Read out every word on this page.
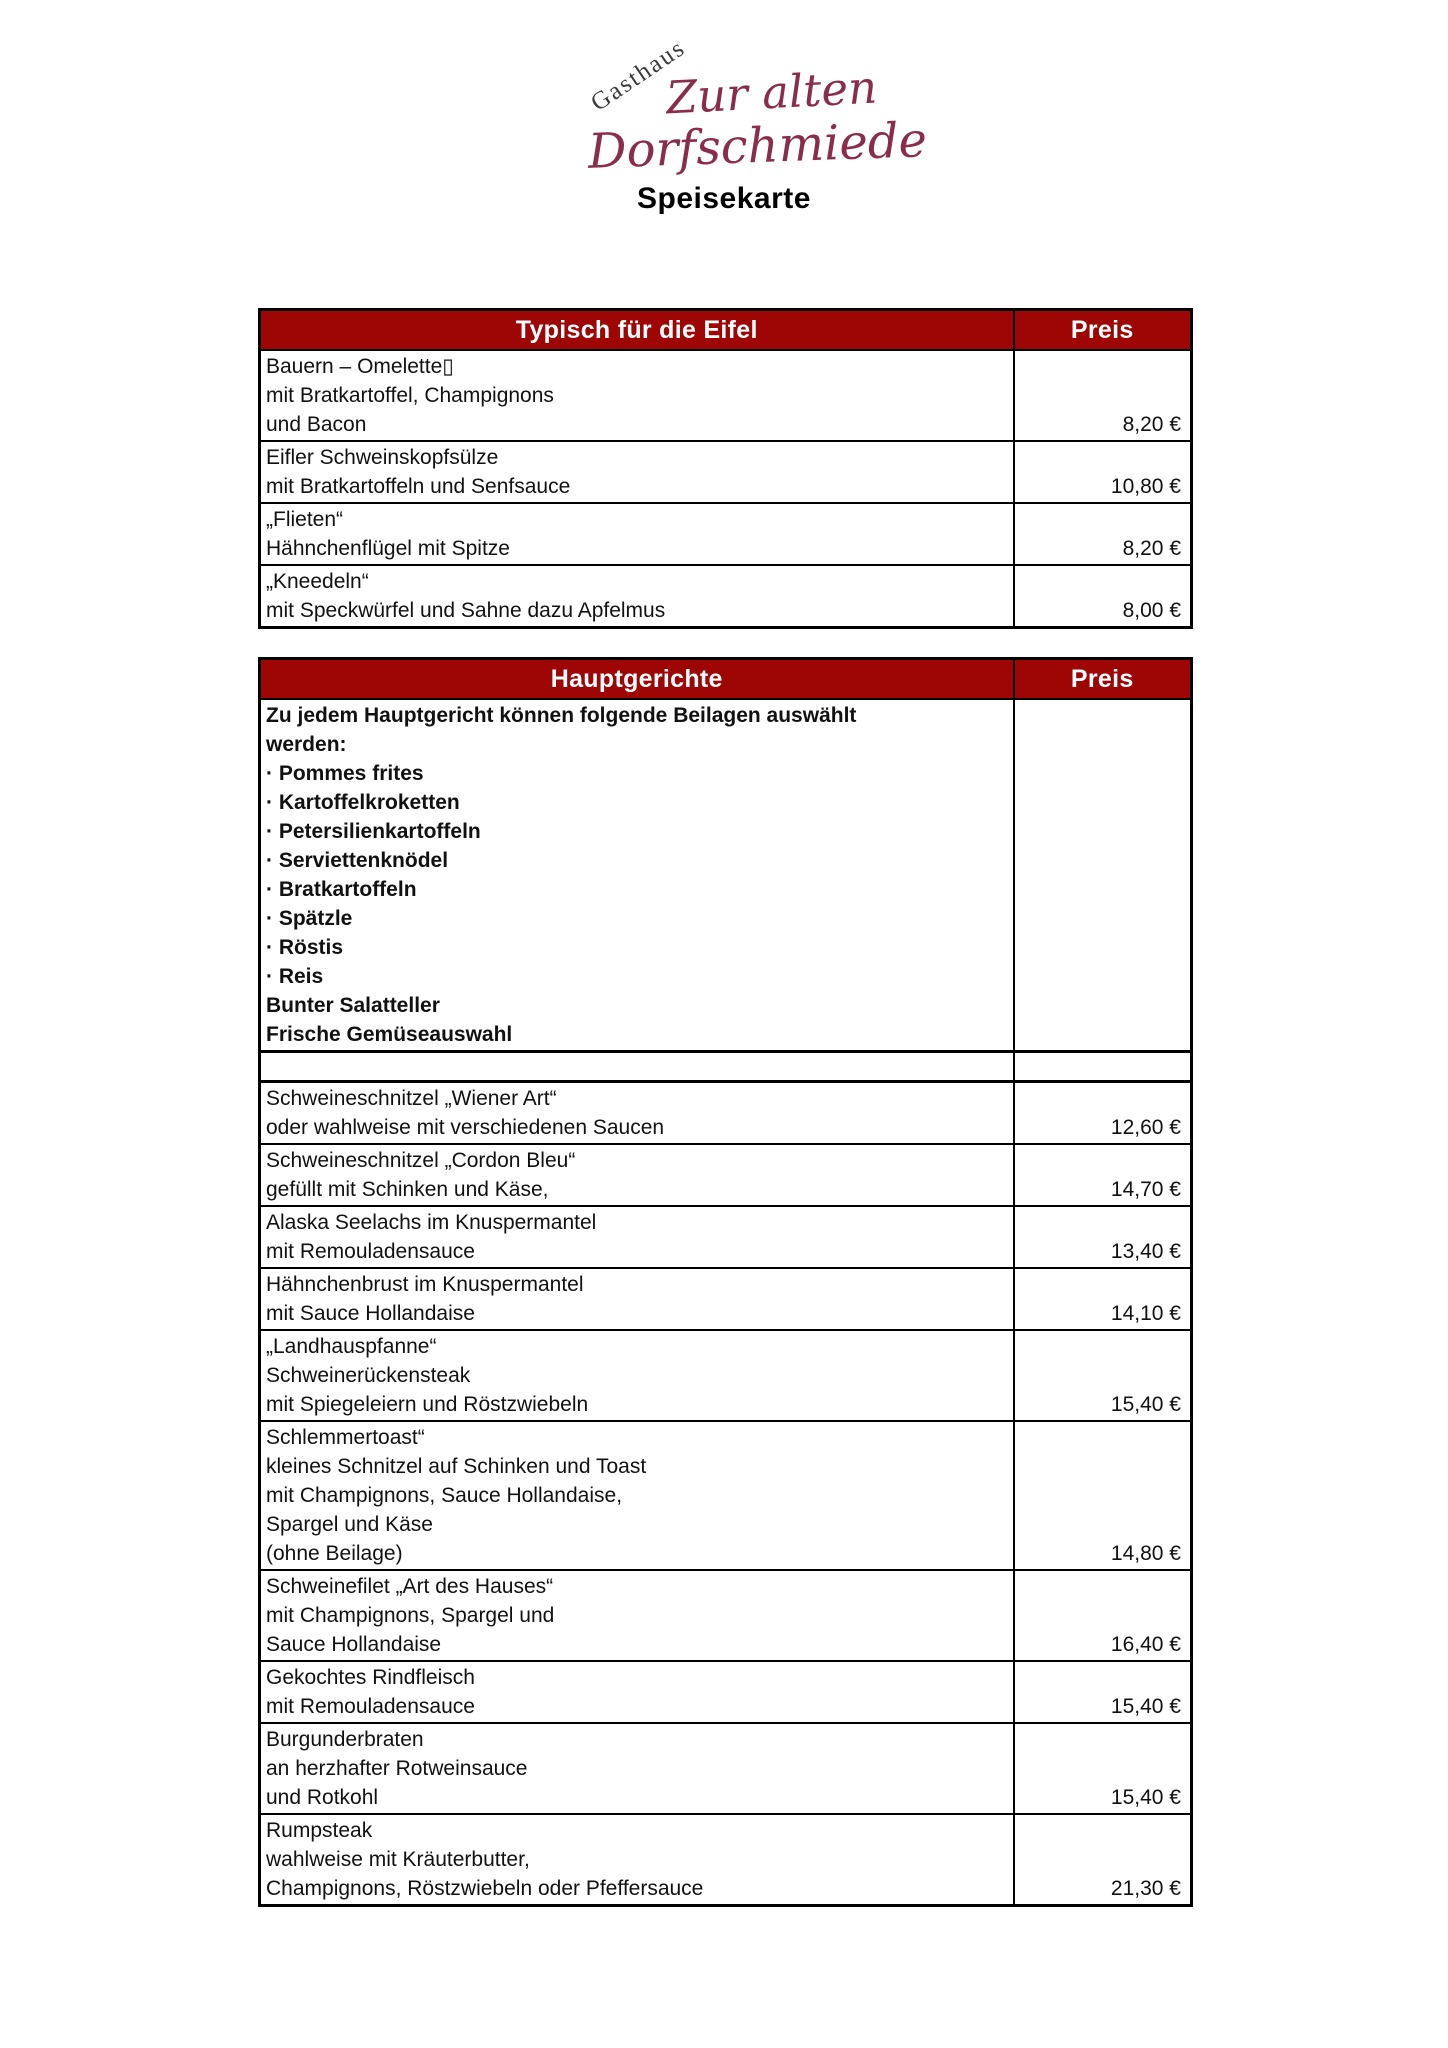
Gasthaus
Zur alten
Dorfschmiede
Speisekarte
Typisch für die Eifel	Preis

Bauern – Omelette▯
mit Bratkartoffel, Champignons
und Bacon	8,20 €

Eifler Schweinskopfsülze
mit Bratkartoffeln und Senfsauce	10,80 €

„Flieten“
Hähnchenflügel mit Spitze	8,20 €

„Kneedeln“
mit Speckwürfel und Sahne dazu Apfelmus	8,00 €
Hauptgerichte	Preis

Zu jedem Hauptgericht können folgende Beilagen auswählt
werden:
· Pommes frites
· Kartoffelkroketten
· Petersilienkartoffeln
· Serviettenknödel
· Bratkartoffeln
· Spätzle
· Röstis
· Reis
Bunter Salatteller
Frische Gemüseauswahl

Schweineschnitzel „Wiener Art“
oder wahlweise mit verschiedenen Saucen	12,60 €

Schweineschnitzel „Cordon Bleu“
gefüllt mit Schinken und Käse,	14,70 €

Alaska Seelachs im Knuspermantel
mit Remouladensauce	13,40 €

Hähnchenbrust im Knuspermantel
mit Sauce Hollandaise	14,10 €

„Landhauspfanne“
Schweinerückensteak
mit Spiegeleiern und Röstzwiebeln	15,40 €

Schlemmertoast“
kleines Schnitzel auf Schinken und Toast
mit Champignons, Sauce Hollandaise,
Spargel und Käse
(ohne Beilage)	14,80 €

Schweinefilet „Art des Hauses“
mit Champignons, Spargel und
Sauce Hollandaise	16,40 €

Gekochtes Rindfleisch
mit Remouladensauce	15,40 €

Burgunderbraten
an herzhafter Rotweinsauce
und Rotkohl	15,40 €

Rumpsteak
wahlweise mit Kräuterbutter,
Champignons, Röstzwiebeln oder Pfeffersauce	21,30 €
